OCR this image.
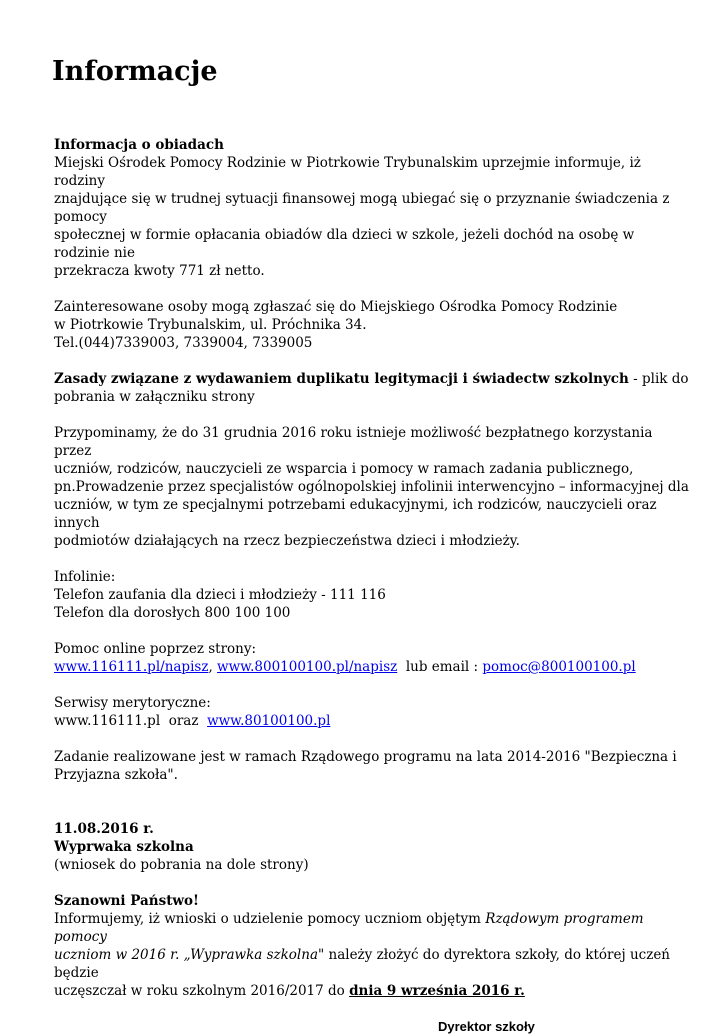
Informacje

Informacja o obiadach

Miejski Ośrodek Pomocy Rodzinie w Piotrkowie Trybunalskim uprzejmie informuje, iż rodziny

znajdujące się w trudnej sytuacji finansowej mogą ubiegać się o przyznanie świadczenia z pomocy

społecznej w formie opłacania obiadów dla dzieci w szkole, jeżeli dochód na osobę w rodzinie nie

przekracza kwoty 771 zł netto.

Zainteresowane osoby mogą zgłaszać się do Miejskiego Ośrodka Pomocy Rodzinie

w Piotrkowie Trybunalskim, ul. Próchnika 34.

Tel.(044)7339003, 7339004, 7339005

Zasady związane z wydawaniem duplikatu legitymacji i świadectw szkolnych - plik do

pobrania w załączniku strony

Przypominamy, że do 31 grudnia 2016 roku istnieje możliwość bezpłatnego korzystania przez

uczniów, rodziców, nauczycieli ze wsparcia i pomocy w ramach zadania publicznego,

pn.Prowadzenie przez specjalistów ogólnopolskiej infolinii interwencyjno – informacyjnej dla

uczniów, w tym ze specjalnymi potrzebami edukacyjnymi, ich rodziców, nauczycieli oraz innych

podmiotów działających na rzecz bezpieczeństwa dzieci i młodzieży.

Infolinie:

Telefon zaufania dla dzieci i młodzieży - 111 116

Telefon dla dorosłych 800 100 100

Pomoc online poprzez strony:

www.116111.pl/napisz, www.800100100.pl/napisz  lub email : pomoc@800100100.pl

Serwisy merytoryczne:

www.116111.pl  oraz  www.80100100.pl

Zadanie realizowane jest w ramach Rządowego programu na lata 2014-2016 "Bezpieczna i

Przyjazna szkoła".

11.08.2016 r.

Wyprwaka szkolna

(wniosek do pobrania na dole strony)

Szanowni Państwo!

Informujemy, iż wnioski o udzielenie pomocy uczniom objętym Rządowym programem pomocy

uczniom w 2016 r. „Wyprawka szkolna" należy złożyć do dyrektora szkoły, do której uczeń będzie

uczęszczał w roku szkolnym 2016/2017 do dnia 9 września 2016 r.

Dyrektor szkoły
